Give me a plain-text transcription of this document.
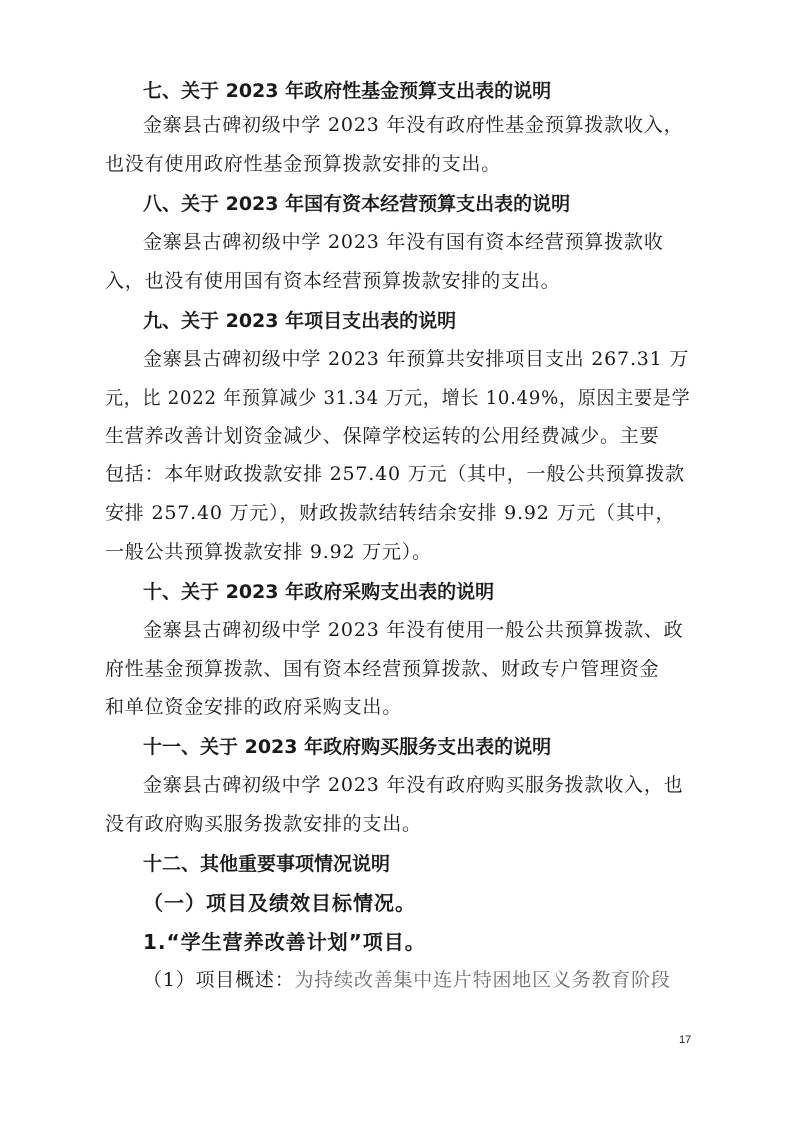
七、关于 2023 年政府性基金预算支出表的说明
金寨县古碑初级中学 2023 年没有政府性基金预算拨款收入，
也没有使用政府性基金预算拨款安排的支出。
八、关于 2023 年国有资本经营预算支出表的说明
金寨县古碑初级中学 2023 年没有国有资本经营预算拨款收
入，也没有使用国有资本经营预算拨款安排的支出。
九、关于 2023 年项目支出表的说明
金寨县古碑初级中学 2023 年预算共安排项目支出 267.31 万
元，比 2022 年预算减少 31.34 万元，增长 10.49%，原因主要是学
生营养改善计划资金减少、保障学校运转的公用经费减少。主要
包括：本年财政拨款安排 257.40 万元（其中，一般公共预算拨款
安排 257.40 万元），财政拨款结转结余安排 9.92 万元（其中，
一般公共预算拨款安排 9.92 万元）。
十、关于 2023 年政府采购支出表的说明
金寨县古碑初级中学 2023 年没有使用一般公共预算拨款、政
府性基金预算拨款、国有资本经营预算拨款、财政专户管理资金
和单位资金安排的政府采购支出。
十一、关于 2023 年政府购买服务支出表的说明
金寨县古碑初级中学 2023 年没有政府购买服务拨款收入，也
没有政府购买服务拨款安排的支出。
十二、其他重要事项情况说明
（一）项目及绩效目标情况。
1.“学生营养改善计划”项目。
（1）项目概述：为持续改善集中连片特困地区义务教育阶段
17
